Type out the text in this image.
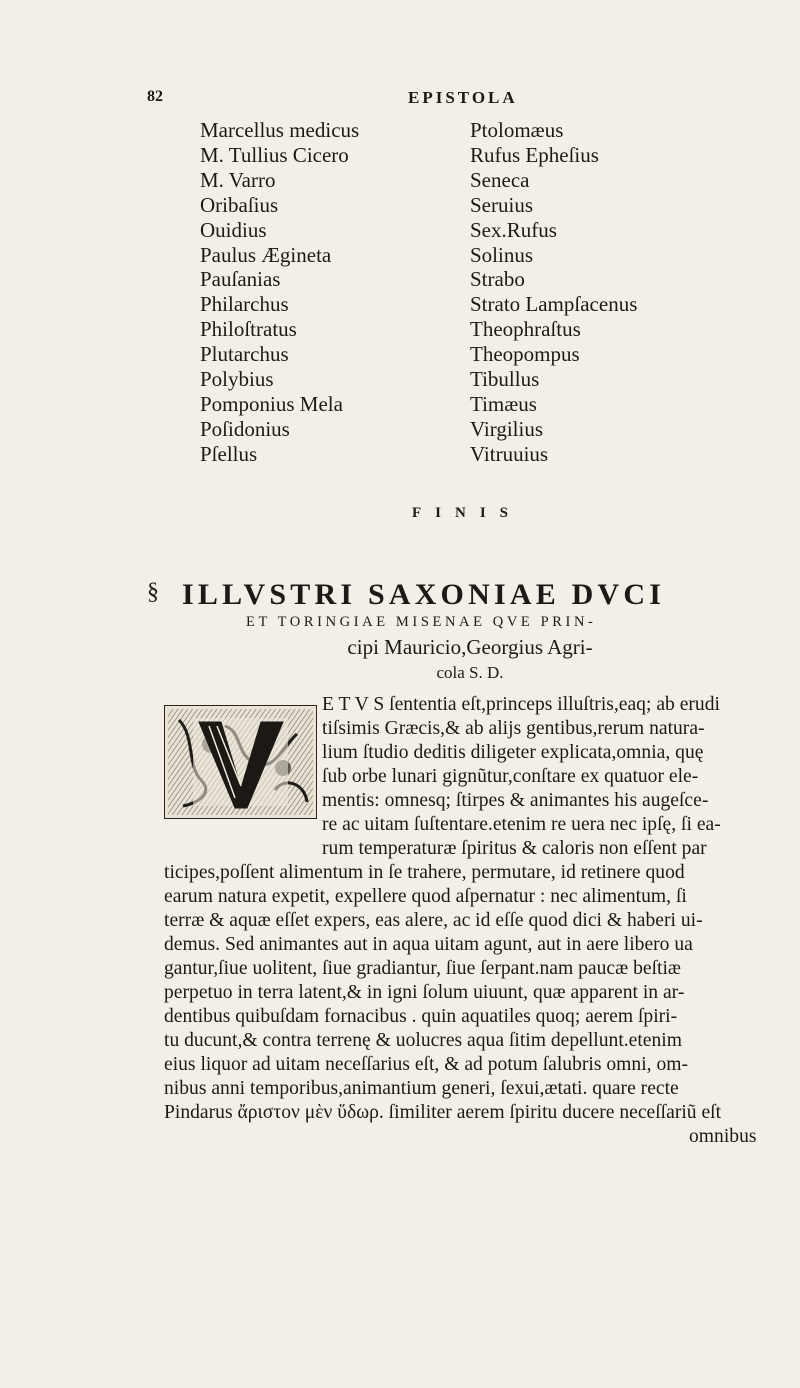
82	EPISTOLA
Marcellus medicus
M. Tullius Cicero
M. Varro
Oribaſius
Ouidius
Paulus Ægineta
Pauſanias
Philarchus
Philoſtratus
Plutarchus
Polybius
Pomponius Mela
Poſidonius
Pſellus
Ptolomæus
Rufus Epheſius
Seneca
Seruius
Sex.Rufus
Solinus
Strabo
Strato Lampſacenus
Theophraſtus
Theopompus
Tibullus
Timæus
Virgilius
Vitruuius
FINIS
§ ILLVSTRI SAXONIAE DVCI
ET TORINGIAE MISENAE QVE PRIN-
cipi Mauricio,Georgius Agri-
cola S. D.
E T V S ſententia eſt,princeps illuſtris,eaq; ab erudi
tiſsimis Græcis,& ab alijs gentibus,rerum natura-
lium ſtudio deditis diligeter explicata,omnia, quę
ſub orbe lunari gignũtur,conſtare ex quatuor ele-
mentis: omnesq; ſtirpes & animantes his augeſce-
re ac uitam ſuſtentare.etenim re uera nec ipſę, ſi ea-
rum temperaturæ ſpiritus & caloris non eſſent par
ticipes,poſſent alimentum in ſe trahere, permutare, id retinere quod
earum natura expetit, expellere quod aſpernatur : nec alimentum, ſi
terræ & aquæ eſſet expers, eas alere, ac id eſſe quod dici & haberi ui-
demus. Sed animantes aut in aqua uitam agunt, aut in aere libero ua
gantur,ſiue uolitent, ſiue gradiantur, ſiue ſerpant.nam paucæ beſtiæ
perpetuo in terra latent,& in igni ſolum uiuunt, quæ apparent in ar-
dentibus quibuſdam fornacibus . quin aquatiles quoq; aerem ſpiri-
tu ducunt,& contra terrenę & uolucres aqua ſitim depellunt.etenim
eius liquor ad uitam neceſſarius eſt, & ad potum ſalubris omni, om-
nibus anni temporibus,animantium generi, ſexui,ætati. quare recte
Pindarus ἄριστον μὲν ὕδωρ. ſimiliter aerem ſpiritu ducere neceſſariũ eſt
omnibus
